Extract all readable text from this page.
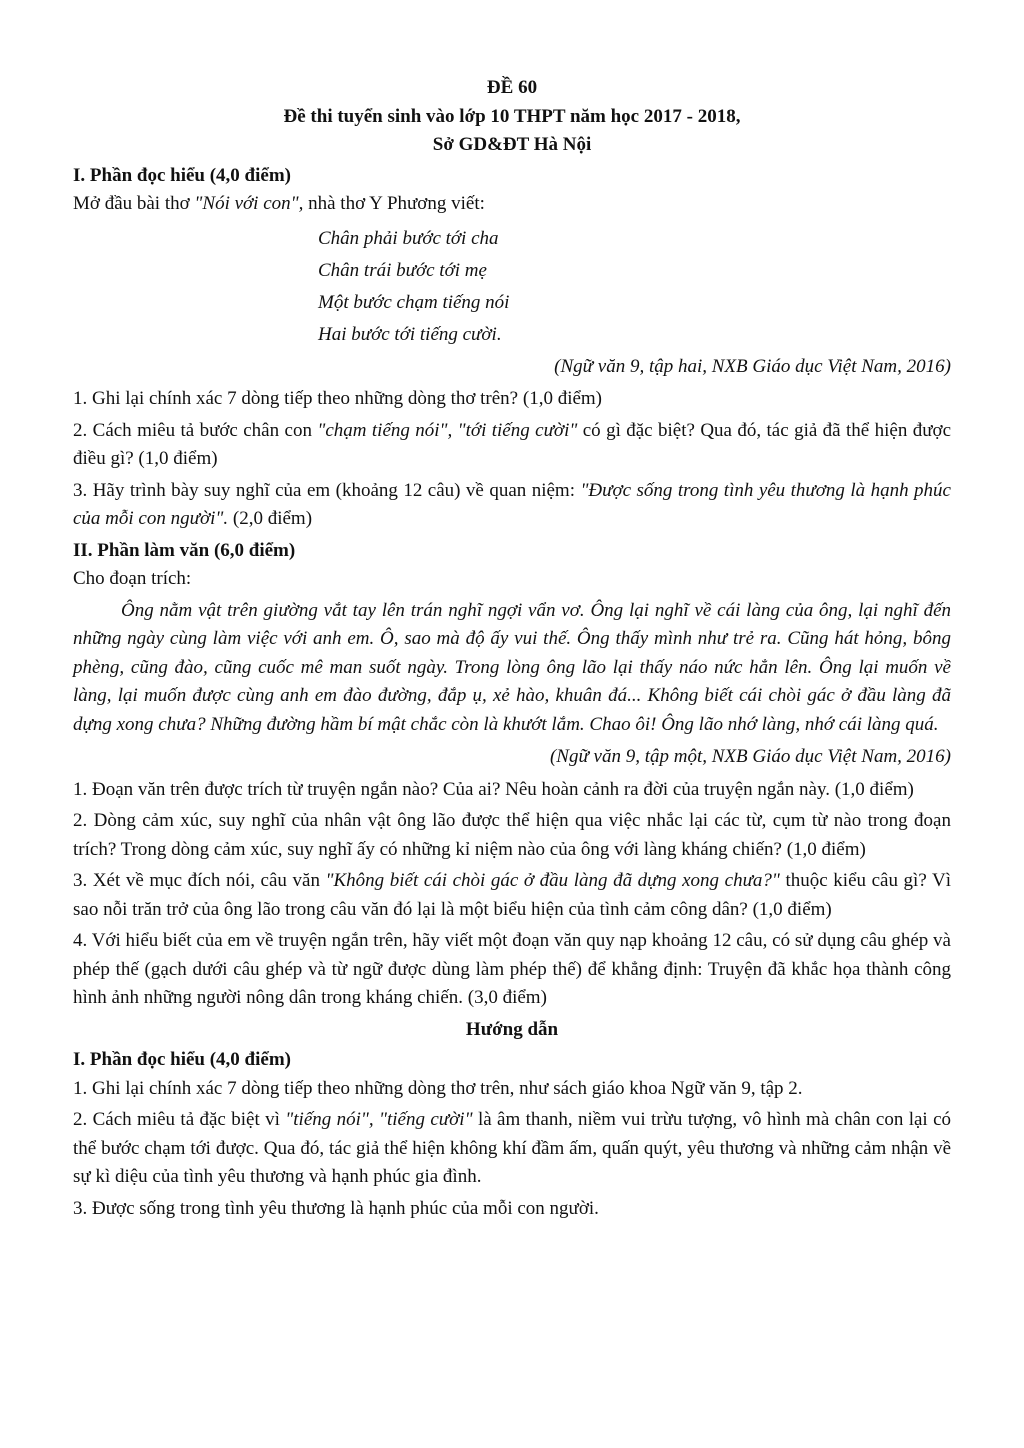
ĐỀ 60
Đề thi tuyển sinh vào lớp 10 THPT năm học 2017 - 2018,
Sở GD&ĐT Hà Nội
I. Phần đọc hiểu (4,0 điểm)

Mở đầu bài thơ "Nói với con", nhà thơ Y Phương viết:

Chân phải bước tới cha
Chân trái bước tới mẹ
Một bước chạm tiếng nói
Hai bước tới tiếng cười.
(Ngữ văn 9, tập hai, NXB Giáo dục Việt Nam, 2016)

1. Ghi lại chính xác 7 dòng tiếp theo những dòng thơ trên? (1,0 điểm)

2. Cách miêu tả bước chân con "chạm tiếng nói", "tới tiếng cười" có gì đặc biệt? Qua đó, tác giả đã thể hiện được điều gì? (1,0 điểm)

3. Hãy trình bày suy nghĩ của em (khoảng 12 câu) về quan niệm: "Được sống trong tình yêu thương là hạnh phúc của mỗi con người". (2,0 điểm)

II. Phần làm văn (6,0 điểm)

Cho đoạn trích:

Ông nằm vật trên giường vắt tay lên trán nghĩ ngợi vẩn vơ. Ông lại nghĩ về cái làng của ông, lại nghĩ đến những ngày cùng làm việc với anh em. Ô, sao mà độ ấy vui thế. Ông thấy mình như trẻ ra. Cũng hát hỏng, bông phèng, cũng đào, cũng cuốc mê man suốt ngày. Trong lòng ông lão lại thấy náo nức hẳn lên. Ông lại muốn về làng, lại muốn được cùng anh em đào đường, đắp ụ, xẻ hào, khuân đá... Không biết cái chòi gác ở đầu làng đã dựng xong chưa? Những đường hầm bí mật chắc còn là khướt lắm. Chao ôi! Ông lão nhớ làng, nhớ cái làng quá.
(Ngữ văn 9, tập một, NXB Giáo dục Việt Nam, 2016)

1. Đoạn văn trên được trích từ truyện ngắn nào? Của ai? Nêu hoàn cảnh ra đời của truyện ngắn này. (1,0 điểm)

2. Dòng cảm xúc, suy nghĩ của nhân vật ông lão được thể hiện qua việc nhắc lại các từ, cụm từ nào trong đoạn trích? Trong dòng cảm xúc, suy nghĩ ấy có những kỉ niệm nào của ông với làng kháng chiến? (1,0 điểm)

3. Xét về mục đích nói, câu văn "Không biết cái chòi gác ở đầu làng đã dựng xong chưa?" thuộc kiểu câu gì? Vì sao nỗi trăn trở của ông lão trong câu văn đó lại là một biểu hiện của tình cảm công dân? (1,0 điểm)

4. Với hiểu biết của em về truyện ngắn trên, hãy viết một đoạn văn quy nạp khoảng 12 câu, có sử dụng câu ghép và phép thế (gạch dưới câu ghép và từ ngữ được dùng làm phép thế) để khẳng định: Truyện đã khắc họa thành công hình ảnh những người nông dân trong kháng chiến. (3,0 điểm)

Hướng dẫn
I. Phần đọc hiểu (4,0 điểm)

1. Ghi lại chính xác 7 dòng tiếp theo những dòng thơ trên, như sách giáo khoa Ngữ văn 9, tập 2.

2. Cách miêu tả đặc biệt vì "tiếng nói", "tiếng cười" là âm thanh, niềm vui trừu tượng, vô hình mà chân con lại có thể bước chạm tới được. Qua đó, tác giả thể hiện không khí đầm ấm, quấn quýt, yêu thương và những cảm nhận về sự kì diệu của tình yêu thương và hạnh phúc gia đình.

3. Được sống trong tình yêu thương là hạnh phúc của mỗi con người.
